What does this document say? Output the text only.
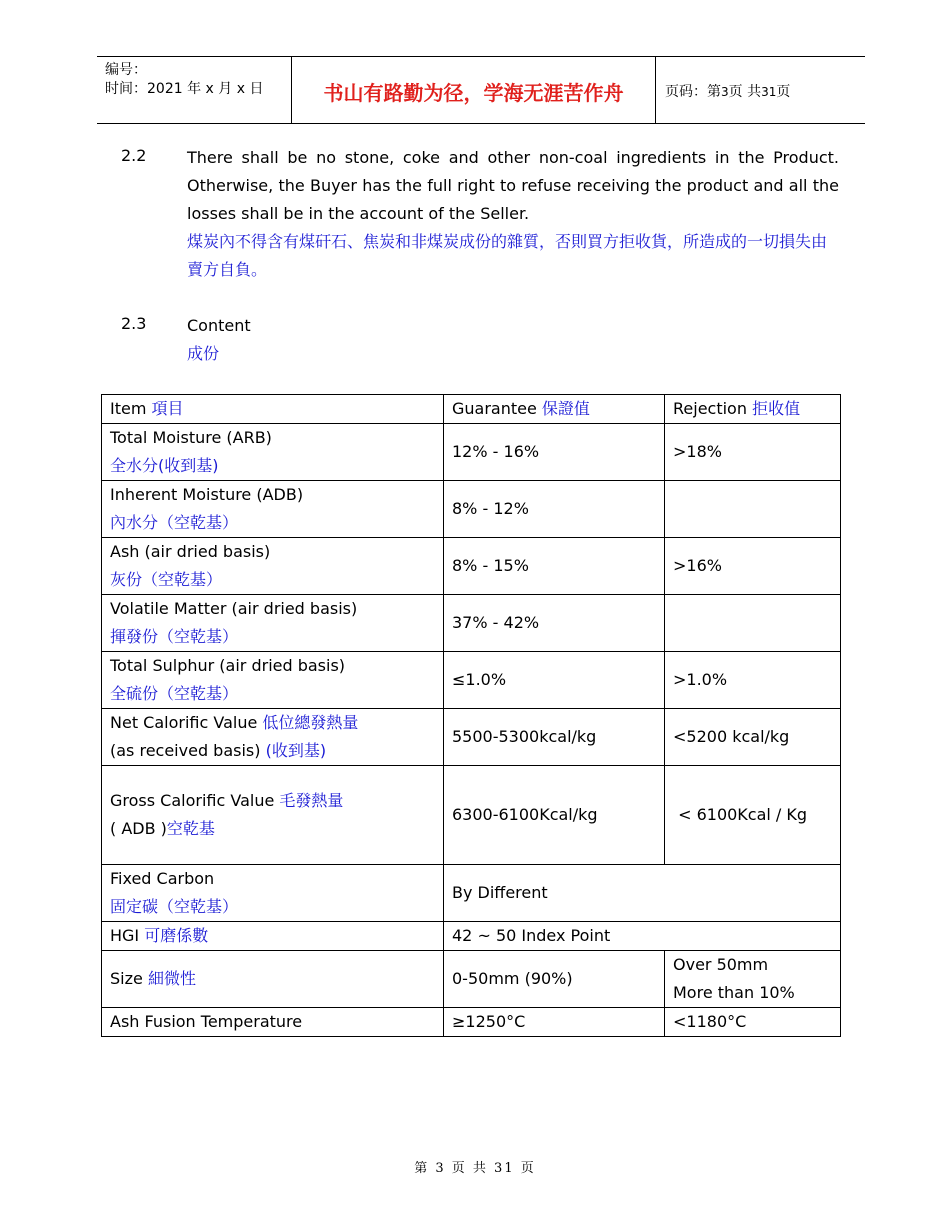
编号：
时间：2021 年 x 月 x 日	书山有路勤为径，学海无涯苦作舟	页码：第3页 共31页
2.2	There shall be no stone, coke and other non-coal ingredients in the Product. Otherwise, the Buyer has the full right to refuse receiving the product and all the losses shall be in the account of the Seller.
煤炭內不得含有煤矸石、焦炭和非煤炭成份的雜質，否則買方拒收貨，所造成的一切損失由賣方自負。
2.3	Content
成份
Item 項目	Guarantee 保證值	Rejection 拒收值

Total Moisture (ARB)
全水分(收到基)	12% - 16%	>18%

Inherent Moisture (ADB)
內水分（空乾基）	8% - 12%	

Ash (air dried basis)
灰份（空乾基）	8% - 15%	>16%

Volatile Matter (air dried basis)
揮發份（空乾基）	37% - 42%	

Total Sulphur (air dried basis)
全硫份（空乾基）	≤1.0%	>1.0%

Net Calorific Value 低位總發熱量
(as received basis) (收到基)	5500-5300kcal/kg	<5200 kcal/kg

Gross Calorific Value 毛發熱量
( ADB )空乾基	6300-6100Kcal/kg	< 6100Kcal / Kg

Fixed Carbon
固定碳（空乾基）	By Different	
HGI 可磨係數	42 ~ 50 Index Point	
Size 細微性	0-50mm (90%)	Over 50mm
More than 10%

Ash Fusion Temperature	≥1250°C	<1180°C
第 3 页 共 31 页
